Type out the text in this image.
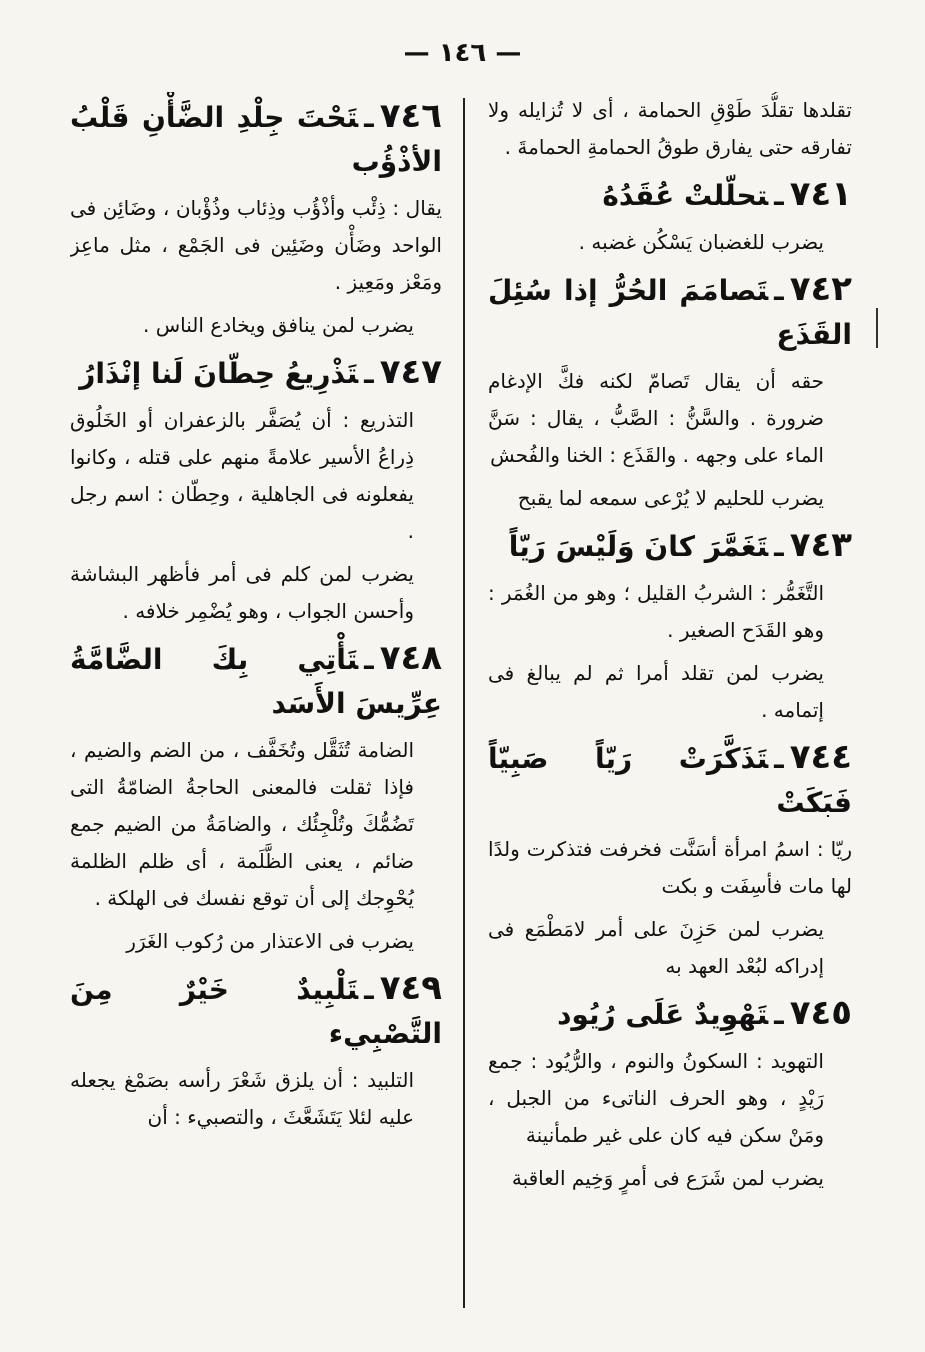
— ١٤٦ —

تقلدها تقلُّدَ طَوْقِ الحمامة ، أى لا تُزايله ولا تفارقه حتى يفارق طوقُ الحمامةِ الحمامةَ .

٧٤١ـتحلّلتْ عُقَدُهُ

يضرب للغضبان يَسْكُن غضبه .

٧٤٢ـتَصامَمَ الحُرُّ إذا سُئِلَ القَذَع

حقه أن يقال تَصامّ لكنه فكَّ الإدغام ضرورة . والسَّنُّ : الصَّبُّ ، يقال : سَنَّ الماء على وجهه . والقَذَع : الخنا والفُحش

يضرب للحليم لا يُرْعى سمعه لما يقبح

٧٤٣ـتَغَمَّرَ كانَ وَلَيْسَ رَيّاً

التَّغَمُّر : الشربُ القليل ؛ وهو من الغُمَر : وهو القَدَح الصغير .

يضرب لمن تقلد أمرا ثم لم يبالغ فى إتمامه .

٧٤٤ـتَذَكَّرَتْ رَيّاً صَبِيّاً فَبَكَتْ

ريّا : اسمُ امرأة أسَنَّت فخرفت فتذكرت ولدًا لها مات فأسِفَت و بكت

يضرب لمن حَزِنَ على أمر لامَطْمَع فى إدراكه لبُعْد العهد به

٧٤٥ـتَهْوِيدٌ عَلَى رُيُود

التهويد : السكونُ والنوم ، والرُّيُود : جمع رَيْدٍ ، وهو الحرف الناتىء من الجبل ، ومَنْ سكن فيه كان على غير طمأنينة

يضرب لمن شَرَع فى أمرٍ وَخِيم العاقبة

٧٤٦ـتَحْتَ جِلْدِ الضَّأْنِ قَلْبُ الأذْؤُب

يقال : ذِئْب وأذْؤُب وذِئاب وذُؤْبان ، وضَائِن فى الواحد وضَأْن وضَئِين فى الجَمْع ، مثل ماعِز ومَعْز ومَعِيز .

يضرب لمن ينافق ويخادع الناس .

٧٤٧ـتَذْرِيعُ حِطّانَ لَنا إنْذَارُ

التذريع : أن يُصَفَّر بالزعفران أو الخَلُوق ذِراعُ الأسير علامةً منهم على قتله ، وكانوا يفعلونه فى الجاهلية ، وحِطّان : اسم رجل .

يضرب لمن كلم فى أمر فأظهر البشاشة وأحسن الجواب ، وهو يُضْمِر خلافه .

٧٤٨ـتَأْتِي بِكَ الضَّامَّةُ عِرِّيسَ الأَسَد

الضامة تُثَقَّل وتُخَفَّف ، من الضم والضيم ، فإذا ثقلت فالمعنى الحاجةُ الضامّةُ التى تَضُمُّكَ وتُلْجِئُك ، والضامَةُ من الضيم جمع ضائم ، يعنى الظَّلَمة ، أى ظلم الظلمة يُحْوِجك إلى أن توقع نفسك فى الهلكة .

يضرب فى الاعتذار من رُكوب الغَرَر

٧٤٩ـتَلْبِيدٌ خَيْرٌ مِنَ التَّصْبِيء

التلبيد : أن يلزق شَعْرَ رأسه بصَمْغ يجعله عليه لئلا يَتَشَعَّثَ ، والتصبيء : أن
